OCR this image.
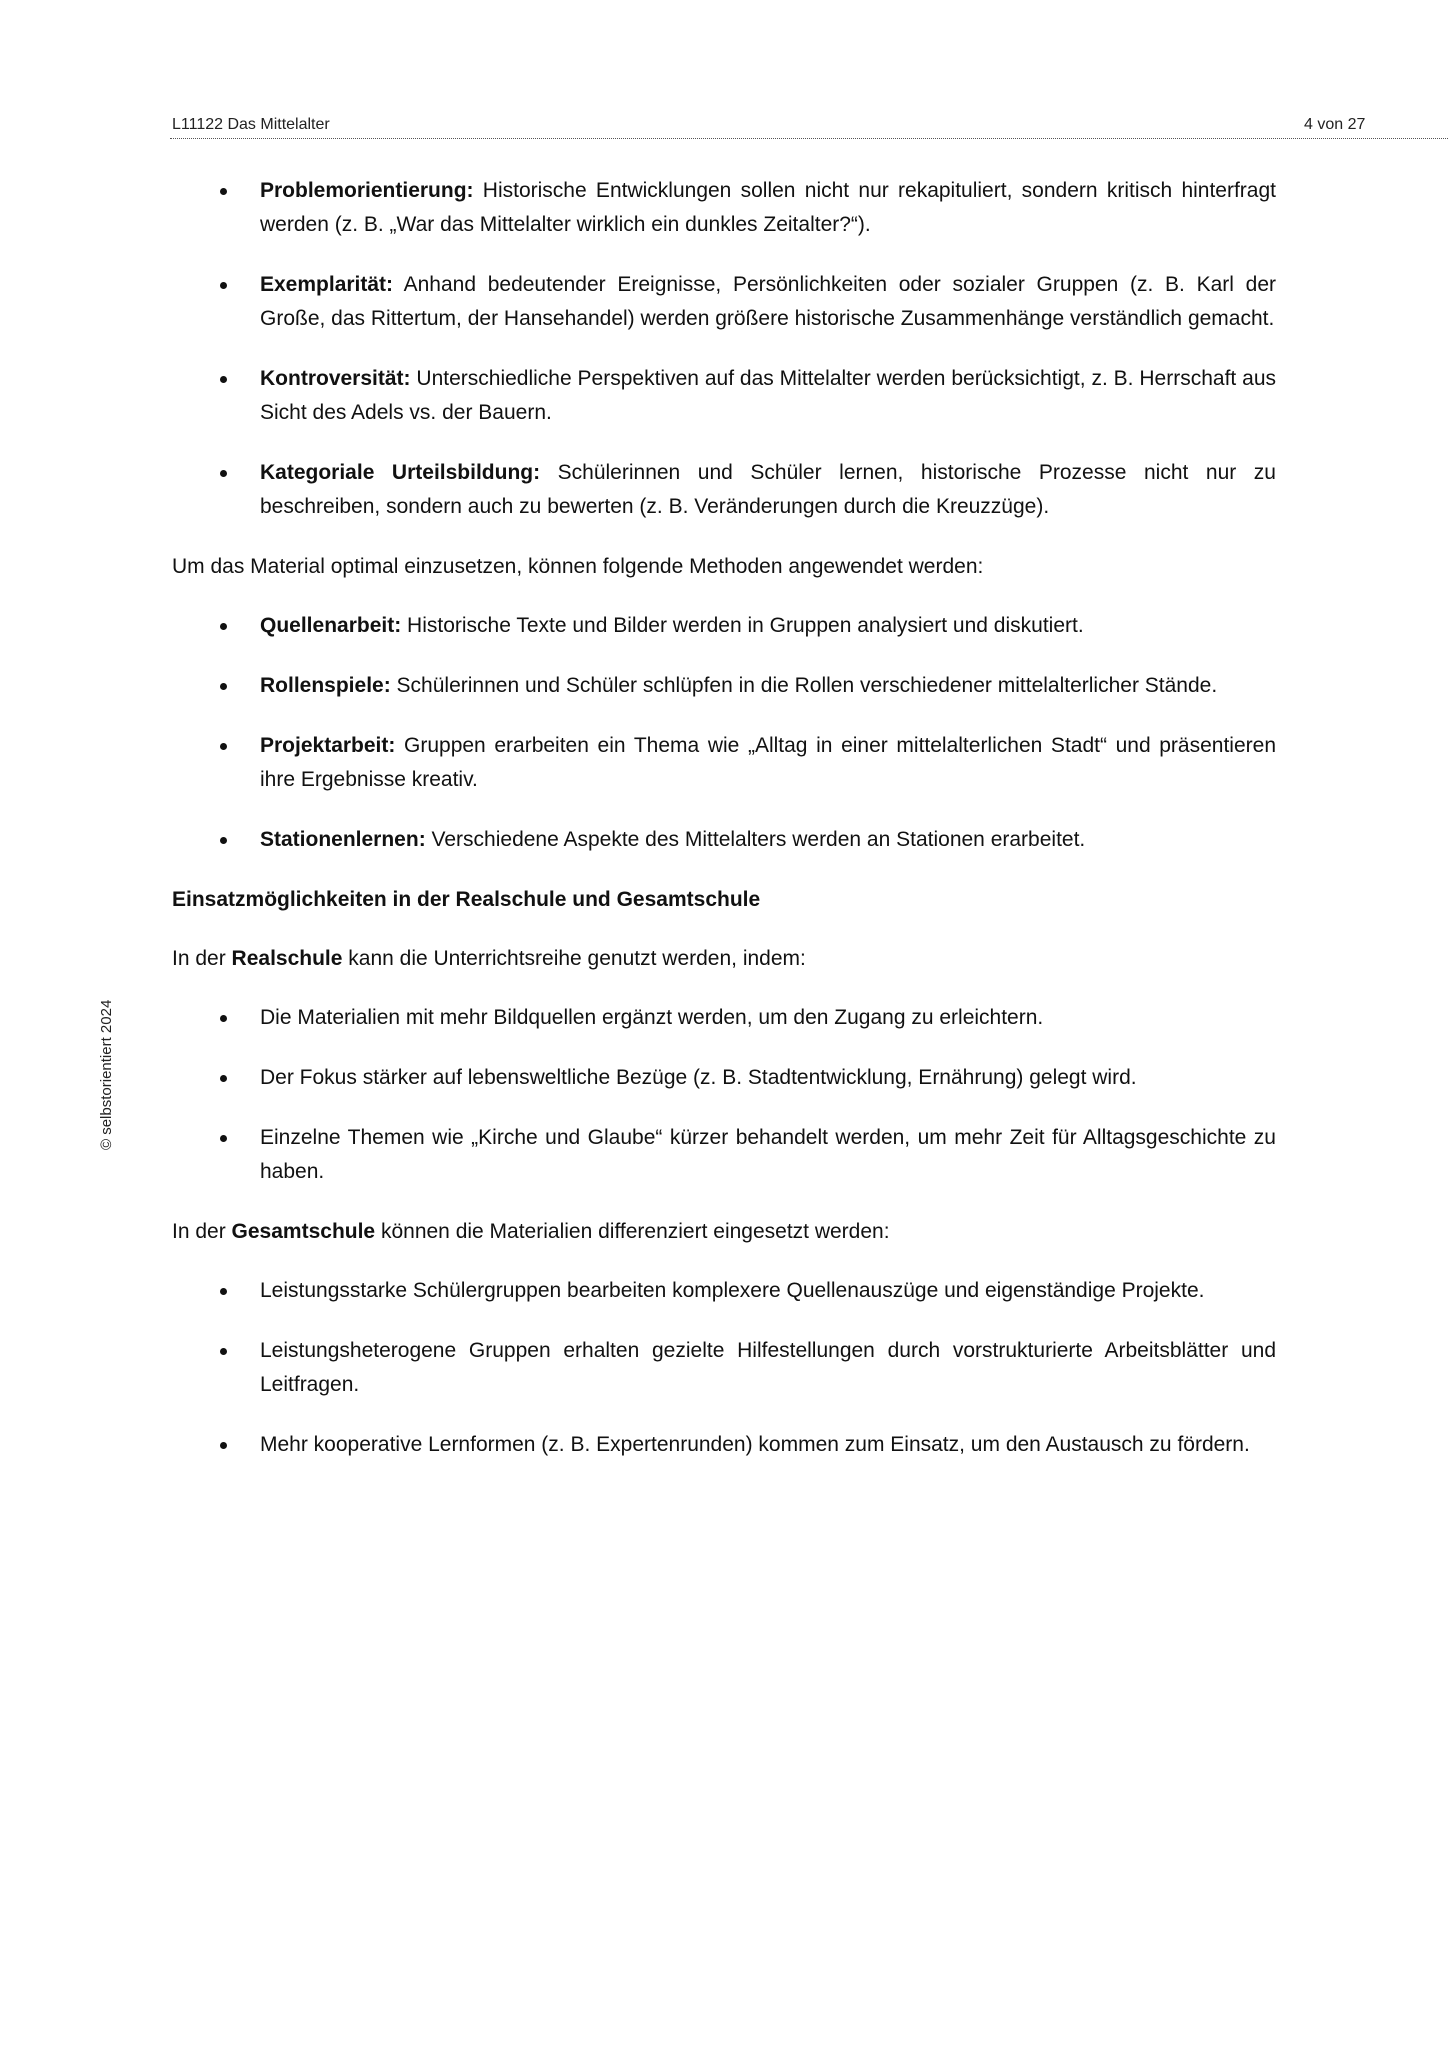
L11122 Das Mittelalter	4 von 27
© selbstorientiert 2024
Problemorientierung: Historische Entwicklungen sollen nicht nur rekapituliert, sondern kritisch hinterfragt werden (z. B. „War das Mittelalter wirklich ein dunkles Zeitalter?“).
Exemplarität: Anhand bedeutender Ereignisse, Persönlichkeiten oder sozialer Gruppen (z. B. Karl der Große, das Rittertum, der Hansehandel) werden größere historische Zusammenhänge verständlich gemacht.
Kontroversität: Unterschiedliche Perspektiven auf das Mittelalter werden berücksichtigt, z. B. Herrschaft aus Sicht des Adels vs. der Bauern.
Kategoriale Urteilsbildung: Schülerinnen und Schüler lernen, historische Prozesse nicht nur zu beschreiben, sondern auch zu bewerten (z. B. Veränderungen durch die Kreuzzüge).

Um das Material optimal einzusetzen, können folgende Methoden angewendet werden:

Quellenarbeit: Historische Texte und Bilder werden in Gruppen analysiert und diskutiert.
Rollenspiele: Schülerinnen und Schüler schlüpfen in die Rollen verschiedener mittelalterlicher Stände.
Projektarbeit: Gruppen erarbeiten ein Thema wie „Alltag in einer mittelalterlichen Stadt“ und präsentieren ihre Ergebnisse kreativ.
Stationenlernen: Verschiedene Aspekte des Mittelalters werden an Stationen erarbeitet.

Einsatzmöglichkeiten in der Realschule und Gesamtschule

In der Realschule kann die Unterrichtsreihe genutzt werden, indem:

Die Materialien mit mehr Bildquellen ergänzt werden, um den Zugang zu erleichtern.
Der Fokus stärker auf lebensweltliche Bezüge (z. B. Stadtentwicklung, Ernährung) gelegt wird.
Einzelne Themen wie „Kirche und Glaube“ kürzer behandelt werden, um mehr Zeit für Alltagsgeschichte zu haben.

In der Gesamtschule können die Materialien differenziert eingesetzt werden:

Leistungsstarke Schülergruppen bearbeiten komplexere Quellenauszüge und eigenständige Projekte.
Leistungsheterogene Gruppen erhalten gezielte Hilfestellungen durch vorstrukturierte Arbeitsblätter und Leitfragen.
Mehr kooperative Lernformen (z. B. Expertenrunden) kommen zum Einsatz, um den Austausch zu fördern.
